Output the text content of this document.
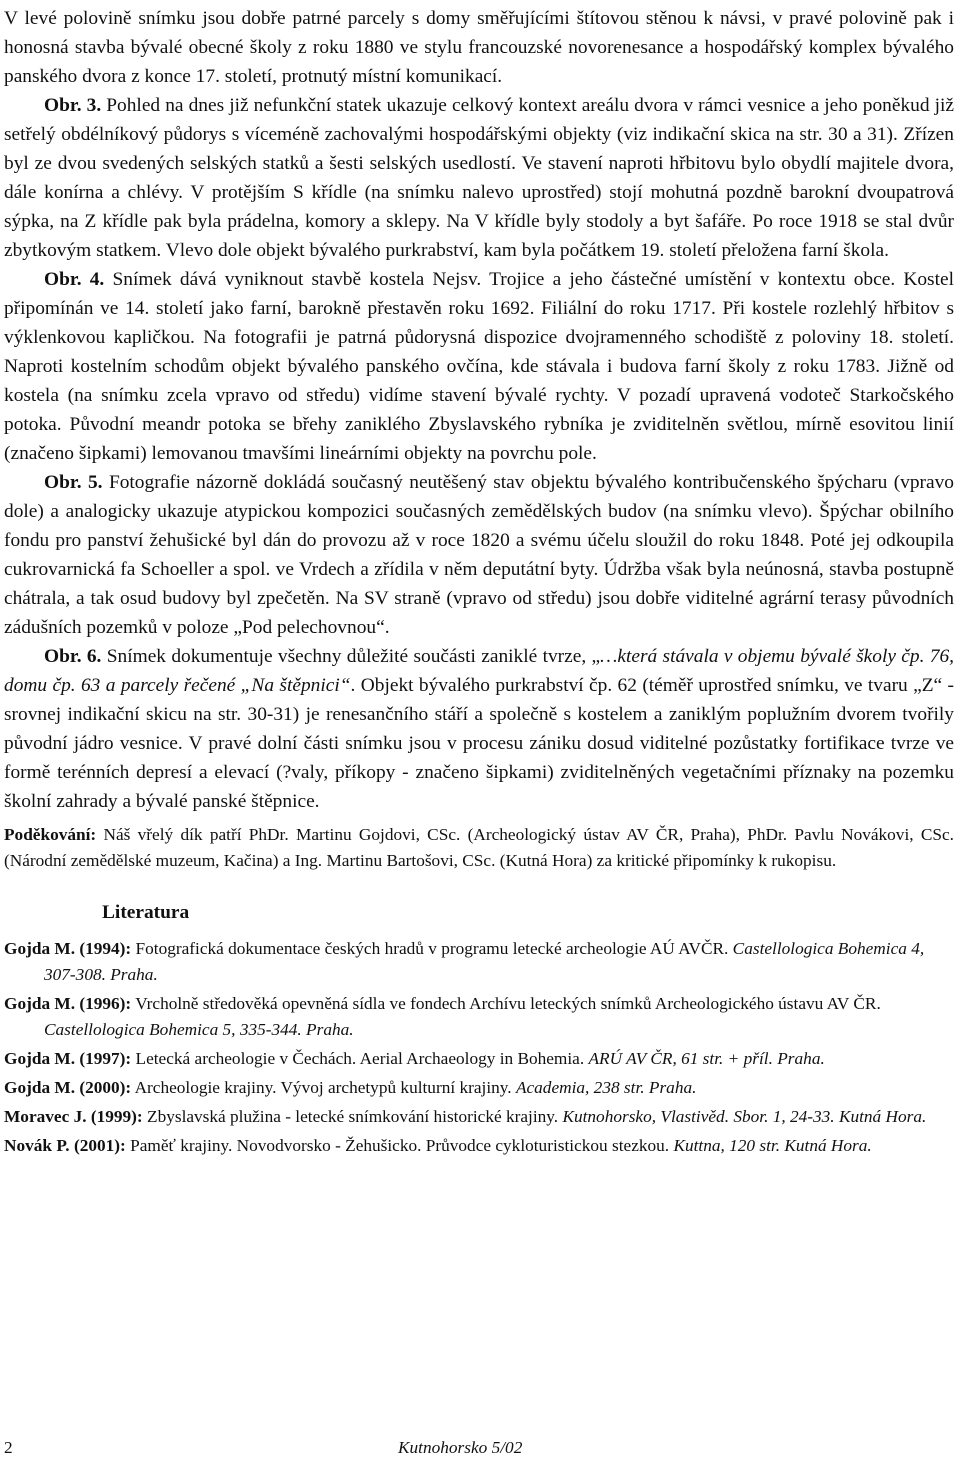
V levé polovině snímku jsou dobře patrné parcely s domy směřujícími štítovou stěnou k návsi, v pravé polovině pak i honosná stavba bývalé obecné školy z roku 1880 ve stylu francouzské novorenesance a hospodářský komplex bývalého panského dvora z konce 17. století, protnutý místní komunikací.

Obr. 3. Pohled na dnes již nefunkční statek ukazuje celkový kontext areálu dvora v rámci vesnice a jeho poněkud již setřelý obdélníkový půdorys s víceméně zachovalými hospodářskými objekty (viz indikační skica na str. 30 a 31). Zřízen byl ze dvou svedených selských statků a šesti selských usedlostí. Ve stavení naproti hřbitovu bylo obydlí majitele dvora, dále konírna a chlévy. V protějším S křídle (na snímku nalevo uprostřed) stojí mohutná pozdně barokní dvoupatrová sýpka, na Z křídle pak byla prádelna, komory a sklepy. Na V křídle byly stodoly a byt šafáře. Po roce 1918 se stal dvůr zbytkovým statkem. Vlevo dole objekt bývalého purkrabství, kam byla počátkem 19. století přeložena farní škola.

Obr. 4. Snímek dává vyniknout stavbě kostela Nejsv. Trojice a jeho částečné umístění v kontextu obce. Kostel připomínán ve 14. století jako farní, barokně přestavěn roku 1692. Filiální do roku 1717. Při kostele rozlehlý hřbitov s výklenkovou kapličkou. Na fotografii je patrná půdorysná dispozice dvojramenného schodiště z poloviny 18. století. Naproti kostelním schodům objekt bývalého panského ovčína, kde stávala i budova farní školy z roku 1783. Jižně od kostela (na snímku zcela vpravo od středu) vidíme stavení bývalé rychty. V pozadí upravená vodoteč Starkočského potoka. Původní meandr potoka se břehy zaniklého Zbyslavského rybníka je zviditelněn světlou, mírně esovitou linií (značeno šipkami) lemovanou tmavšími lineárními objekty na povrchu pole.

Obr. 5. Fotografie názorně dokládá současný neutěšený stav objektu bývalého kontribučenského špýcharu (vpravo dole) a analogicky ukazuje atypickou kompozici současných zemědělských budov (na snímku vlevo). Špýchar obilního fondu pro panství žehušické byl dán do provozu až v roce 1820 a svému účelu sloužil do roku 1848. Poté jej odkoupila cukrovarnická fa Schoeller a spol. ve Vrdech a zřídila v něm deputátní byty. Údržba však byla neúnosná, stavba postupně chátrala, a tak osud budovy byl zpečetěn. Na SV straně (vpravo od středu) jsou dobře viditelné agrární terasy původních zádušních pozemků v poloze „Pod pelechovnou“.

Obr. 6. Snímek dokumentuje všechny důležité součásti zaniklé tvrze, „…která stávala v objemu bývalé školy čp. 76, domu čp. 63 a parcely řečené „Na štěpnici“. Objekt bývalého purkrabství čp. 62 (téměř uprostřed snímku, ve tvaru „Z“ - srovnej indikační skicu na str. 30-31) je renesančního stáří a společně s kostelem a zaniklým poplužním dvorem tvořily původní jádro vesnice. V pravé dolní části snímku jsou v procesu zániku dosud viditelné pozůstatky fortifikace tvrze ve formě terénních depresí a elevací (?valy, příkopy - značeno šipkami) zviditelněných vegetačními příznaky na pozemku školní zahrady a bývalé panské štěpnice.

Poděkování: Náš vřelý dík patří PhDr. Martinu Gojdovi, CSc. (Archeologický ústav AV ČR, Praha), PhDr. Pavlu Novákovi, CSc. (Národní zemědělské muzeum, Kačina) a Ing. Martinu Bartošovi, CSc. (Kutná Hora) za kritické připomínky k rukopisu.

Literatura

Gojda M. (1994): Fotografická dokumentace českých hradů v programu letecké archeologie AÚ AVČR. Castellologica Bohemica 4, 307-308. Praha.

Gojda M. (1996): Vrcholně středověká opevněná sídla ve fondech Archívu leteckých snímků Archeologického ústavu AV ČR. Castellologica Bohemica 5, 335-344. Praha.

Gojda M. (1997): Letecká archeologie v Čechách. Aerial Archaeology in Bohemia. ARÚ AV ČR, 61 str. + příl. Praha.

Gojda M. (2000): Archeologie krajiny. Vývoj archetypů kulturní krajiny. Academia, 238 str. Praha.

Moravec J. (1999): Zbyslavská plužina - letecké snímkování historické krajiny. Kutnohorsko, Vlastivěd. Sbor. 1, 24-33. Kutná Hora.

Novák P. (2001): Paměť krajiny. Novodvorsko - Žehušicko. Průvodce cykloturistickou stezkou. Kuttna, 120 str. Kutná Hora.

2	Kutnohorsko 5/02
